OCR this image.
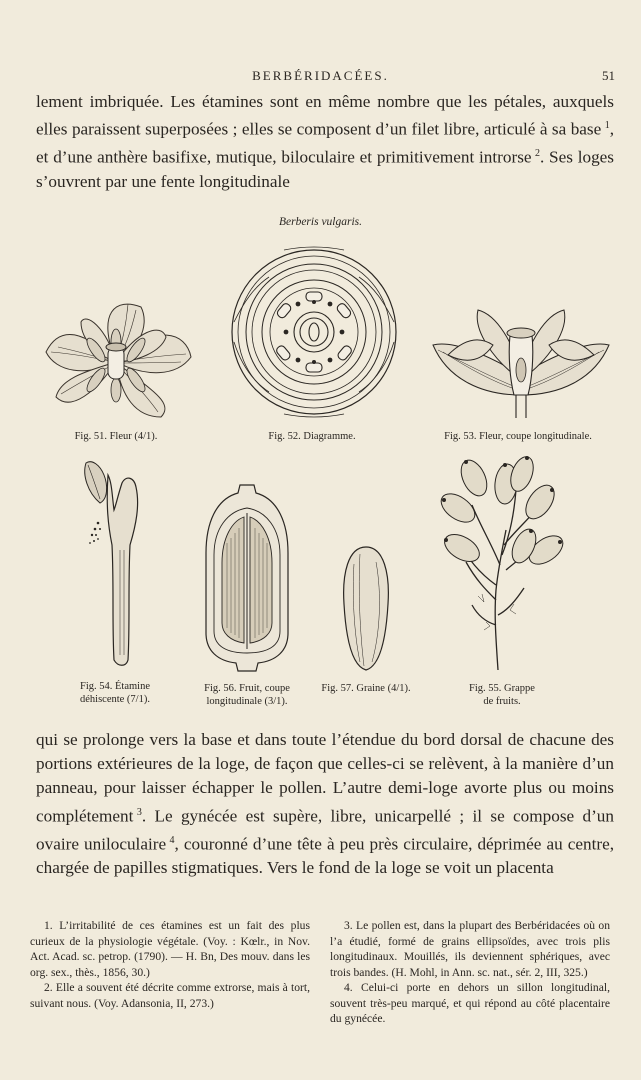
BERBÉRIDACÉES.	51

lement imbriquée. Les étamines sont en même nombre que les pétales, auxquels elles paraissent superposées ; elles se composent d’un filet libre, articulé à sa base  $^1$, et d’une anthère basifixe, mutique, biloculaire et primitivement introrse  $^2$. Ses loges s’ouvrent par une fente longitudinale

Berberis vulgaris.
Fig. 51. Fleur (4/1).	Fig. 52. Diagramme.	Fig. 53. Fleur, coupe longitudinale.
Fig. 54. Étamine
déhiscente (7/1).
Fig. 56. Fruit, coupe
longitudinale (3/1).
Fig. 57. Graine (4/1).	Fig. 55. Grappe
de fruits.

qui se prolonge vers la base et dans toute l’étendue du bord dorsal de chacune des portions extérieures de la loge, de façon que celles-ci se relèvent, à la manière d’un panneau, pour laisser échapper le pollen. L’autre demi-loge avorte plus ou moins complétement  $^3$. Le gynécée est supère, libre, unicarpellé ; il se compose d’un ovaire uniloculaire  $^4$, couronné d’une tête à peu près circulaire, déprimée au centre, chargée de papilles stigmatiques. Vers le fond de la loge se voit un placenta

1. L’irritabilité de ces étamines est un fait des plus curieux de la physiologie végétale. (Voy. : Kœlr., in Nov. Act. Acad. sc. petrop. (1790). — H. Bn, Des mouv. dans les org. sex., thès., 1856, 30.)

2. Elle a souvent été décrite comme extrorse, mais à tort, suivant nous. (Voy. Adansonia, II, 273.)

3. Le pollen est, dans la plupart des Berbéridacées où on l’a étudié, formé de grains ellipsoïdes, avec trois plis longitudinaux. Mouillés, ils deviennent sphériques, avec trois bandes. (H. Mohl, in Ann. sc. nat., sér. 2, III, 325.)

4. Celui-ci porte en dehors un sillon longitudinal, souvent très-peu marqué, et qui répond au côté placentaire du gynécée.
